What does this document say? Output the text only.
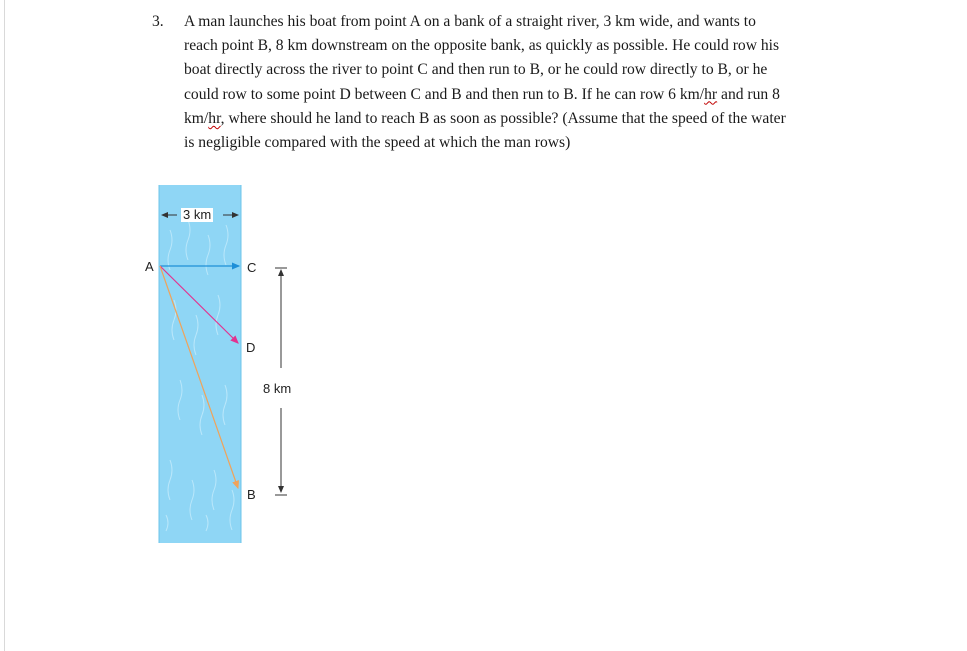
3. A man launches his boat from point A on a bank of a straight river, 3 km wide, and wants to
reach point B, 8 km downstream on the opposite bank, as quickly as possible. He could row his
boat directly across the river to point C and then run to B, or he could row directly to B, or he
could row to some point D between C and B and then run to B. If he can row 6 km/hr and run 8
km/hr, where should he land to reach B as soon as possible? (Assume that the speed of the water
is negligible compared with the speed at which the man rows)
3 km
A	C
D
8 km
B
